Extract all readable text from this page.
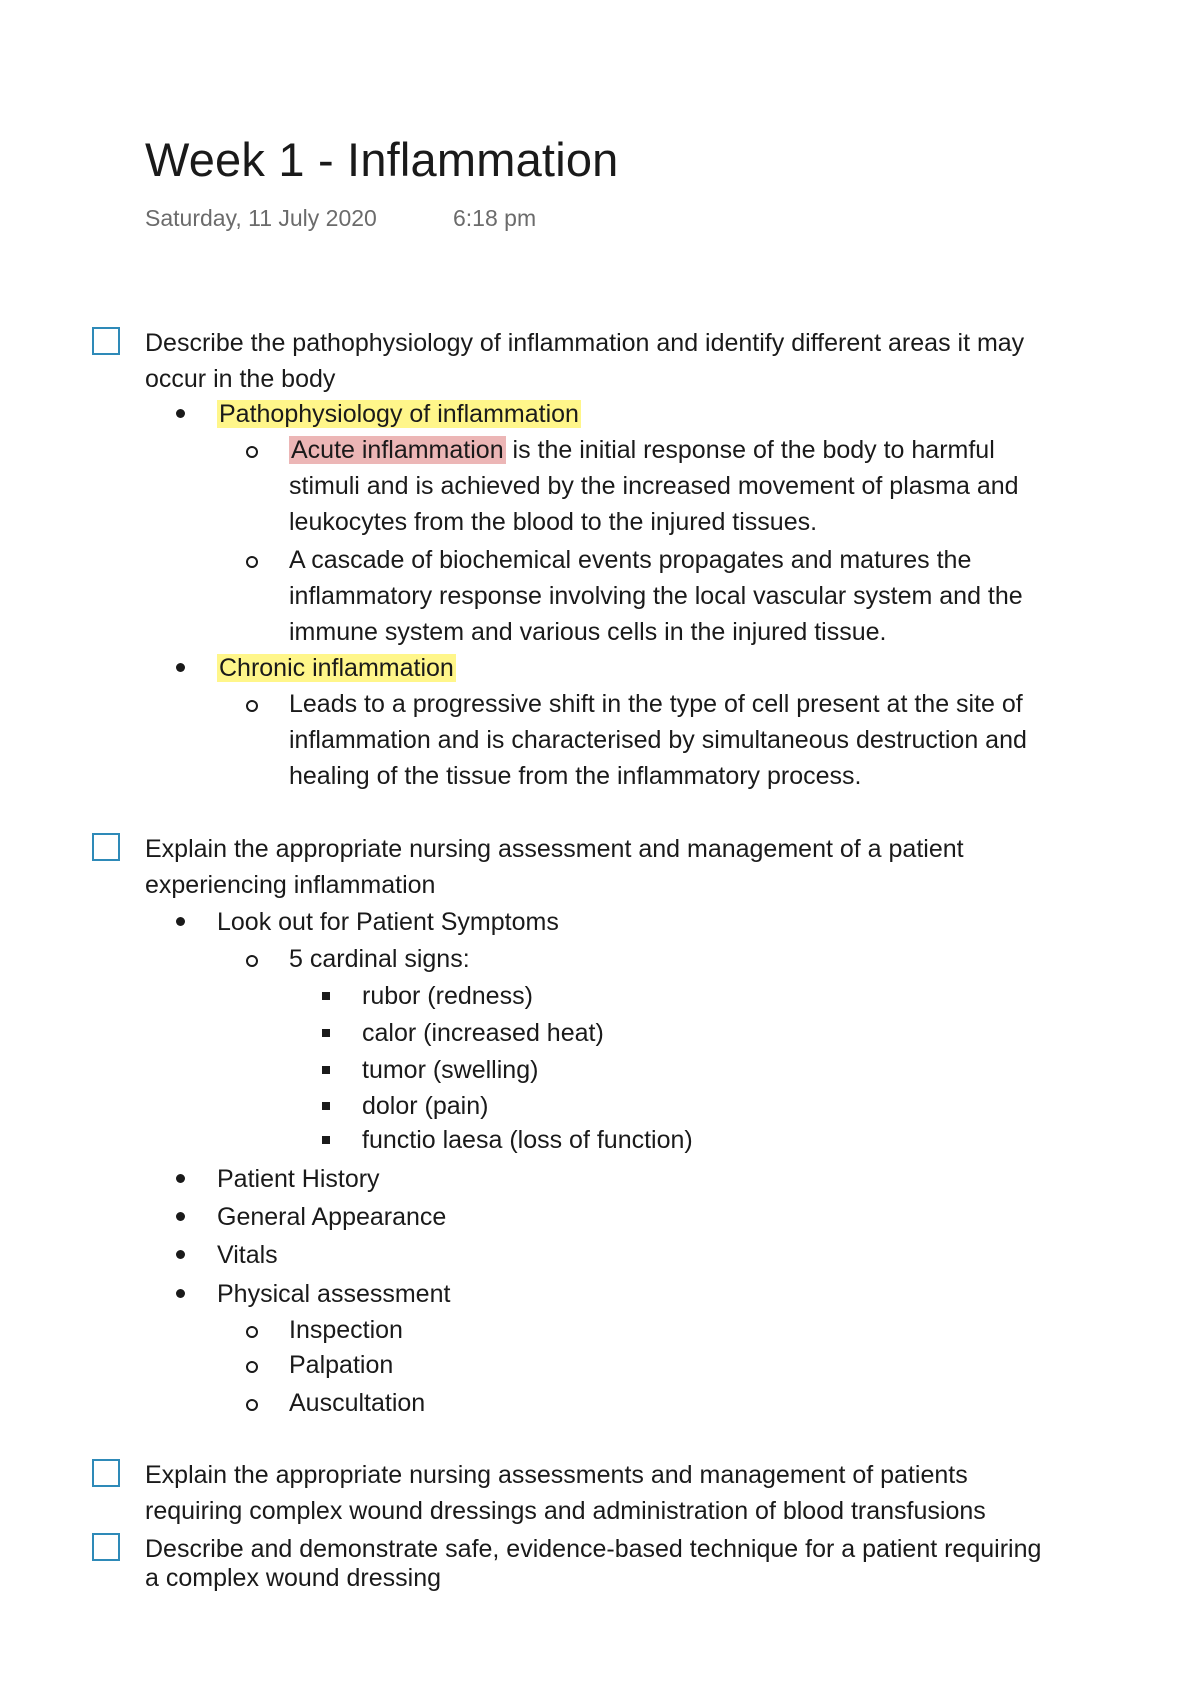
Week 1 - Inflammation
Saturday, 11 July 2020	6:18 pm
Describe the pathophysiology of inflammation and identify different areas it may
occur in the body
Pathophysiology of inflammation
Acute inflammation is the initial response of the body to harmful
stimuli and is achieved by the increased movement of plasma and
leukocytes from the blood to the injured tissues.
A cascade of biochemical events propagates and matures the
inflammatory response involving the local vascular system and the
immune system and various cells in the injured tissue.
Chronic inflammation
Leads to a progressive shift in the type of cell present at the site of
inflammation and is characterised by simultaneous destruction and
healing of the tissue from the inflammatory process.
Explain the appropriate nursing assessment and management of a patient
experiencing inflammation
Look out for Patient Symptoms
5 cardinal signs:
rubor (redness)
calor (increased heat)
tumor (swelling)
dolor (pain)
functio laesa (loss of function)
Patient History
General Appearance
Vitals
Physical assessment
Inspection
Palpation
Auscultation
Explain the appropriate nursing assessments and management of patients
requiring complex wound dressings and administration of blood transfusions
Describe and demonstrate safe, evidence-based technique for a patient requiring
a complex wound dressing
